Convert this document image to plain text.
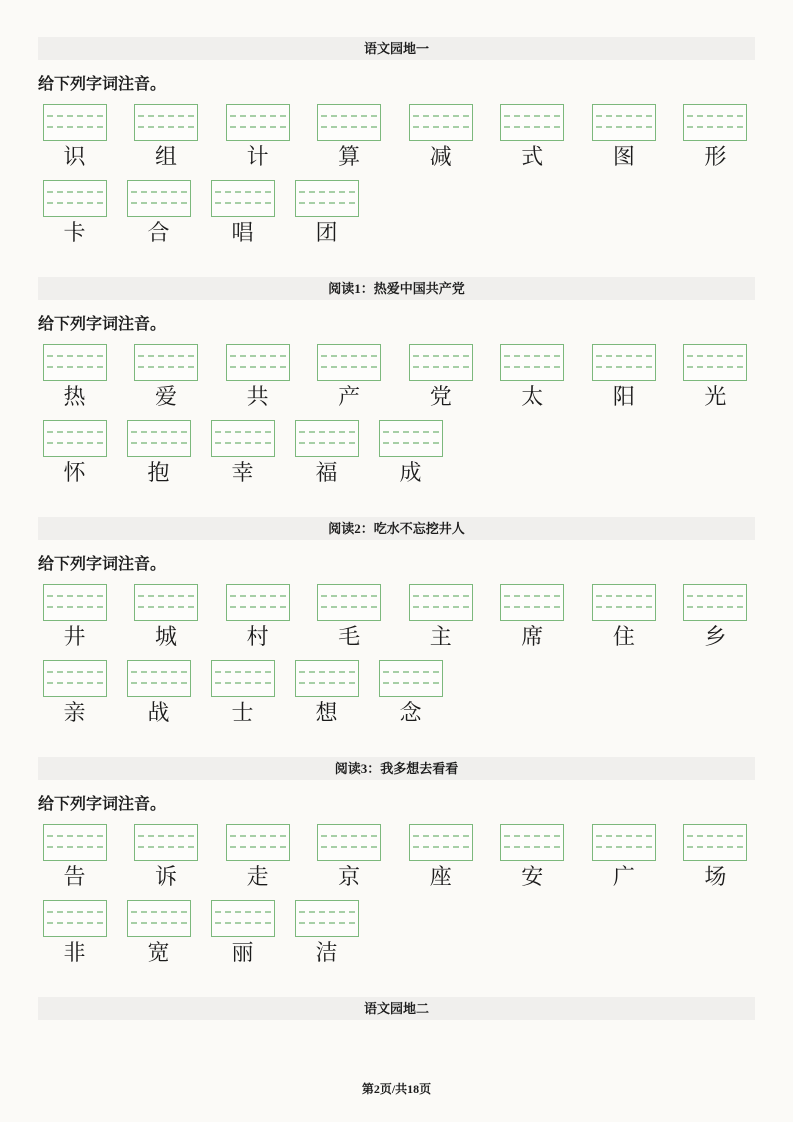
语文园地一
给下列字词注音。
识	组	计	算	减	式	图	形
卡	合	唱	团
阅读1：热爱中国共产党
给下列字词注音。
热	爱	共	产	党	太	阳	光
怀	抱	幸	福	成
阅读2：吃水不忘挖井人
给下列字词注音。
井	城	村	毛	主	席	住	乡
亲	战	士	想	念
阅读3：我多想去看看
给下列字词注音。
告	诉	走	京	座	安	广	场
非	宽	丽	洁
语文园地二
第2页/共18页
